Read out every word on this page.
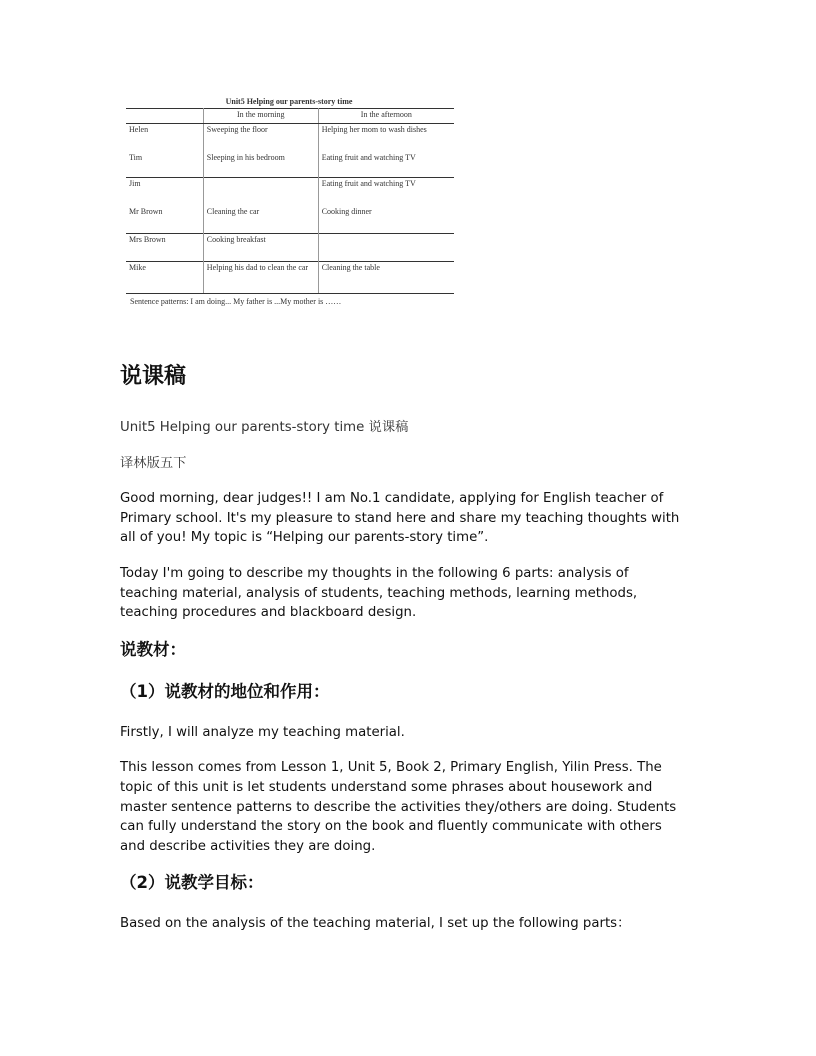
Unit5 Helping our parents-story time
	In the morning	In the afternoon
Helen	Sweeping the floor	Helping her mom to wash dishes
Tim	Sleeping in his bedroom	Eating fruit and watching TV
Jim		Eating fruit and watching TV
Mr Brown	Cleaning the car	Cooking dinner
Mrs Brown	Cooking breakfast	
Mike	Helping his dad to clean the car	Cleaning the table
Sentence patterns: I am doing... My father is ...My mother is ……
说课稿

Unit5 Helping our parents-story time 说课稿

译林版五下

Good morning, dear judges!! I am No.1 candidate, applying for English teacher of Primary school. It's my pleasure to stand here and share my teaching thoughts with all of you! My topic is “Helping our parents-story time”.

Today I'm going to describe my thoughts in the following 6 parts: analysis of teaching material, analysis of students, teaching methods, learning methods, teaching procedures and blackboard design.

说教材：
（1）说教材的地位和作用：

Firstly, I will analyze my teaching material.

This lesson comes from Lesson 1, Unit 5, Book 2, Primary English, Yilin Press. The topic of this unit is let students understand some phrases about housework and master sentence patterns to describe the activities they/others are doing. Students can fully understand the story on the book and fluently communicate with others and describe activities they are doing.

（2）说教学目标：

Based on the analysis of the teaching material, I set up the following parts：
